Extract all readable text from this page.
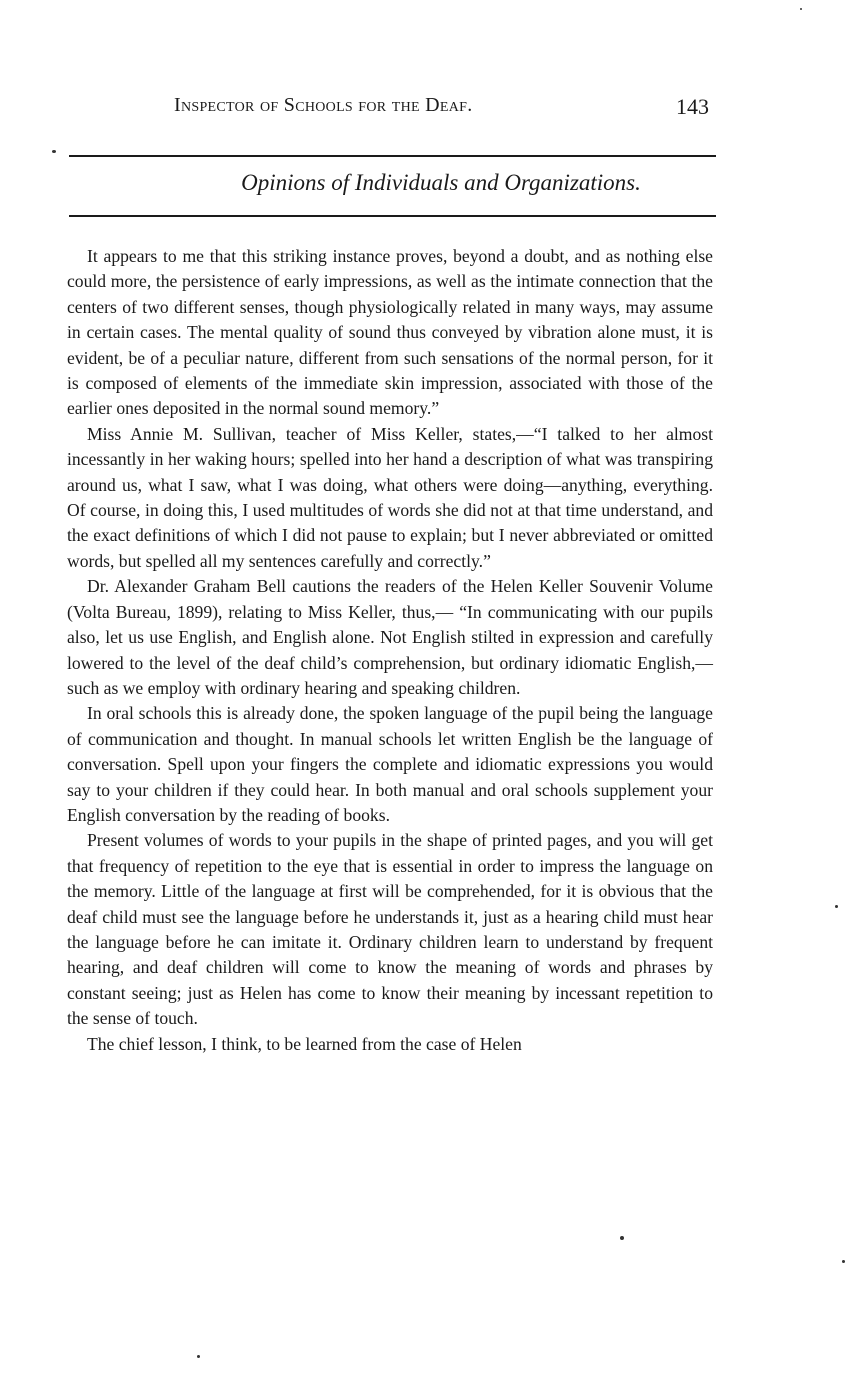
Inspector of Schools for the Deaf.	143
Opinions of Individuals and Organizations.

It appears to me that this striking instance proves, beyond a doubt, and as nothing else could more, the persistence of early impressions, as well as the intimate connection that the centers of two different senses, though physiologically related in many ways, may assume in certain cases. The mental quality of sound thus conveyed by vibration alone must, it is evident, be of a peculiar nature, different from such sensations of the normal person, for it is composed of elements of the immediate skin impression, associated with those of the earlier ones deposited in the normal sound memory.”

Miss Annie M. Sullivan, teacher of Miss Keller, states,—“I talked to her almost incessantly in her waking hours; spelled into her hand a description of what was transpiring around us, what I saw, what I was doing, what others were doing—anything, everything. Of course, in doing this, I used multitudes of words she did not at that time understand, and the exact definitions of which I did not pause to explain; but I never abbreviated or omitted words, but spelled all my sentences carefully and correctly.”

Dr. Alexander Graham Bell cautions the readers of the Helen Keller Souvenir Volume (Volta Bureau, 1899), relating to Miss Keller, thus,— “In communicating with our pupils also, let us use English, and English alone. Not English stilted in expression and carefully lowered to the level of the deaf child’s comprehension, but ordinary idiomatic English,—such as we employ with ordinary hearing and speaking children.

In oral schools this is already done, the spoken language of the pupil being the language of communication and thought. In manual schools let written English be the language of conversation. Spell upon your fingers the complete and idiomatic expressions you would say to your children if they could hear. In both manual and oral schools supplement your English conversation by the reading of books.

Present volumes of words to your pupils in the shape of printed pages, and you will get that frequency of repetition to the eye that is essential in order to impress the language on the memory. Little of the language at first will be comprehended, for it is obvious that the deaf child must see the language before he understands it, just as a hearing child must hear the language before he can imitate it. Ordinary children learn to understand by frequent hearing, and deaf children will come to know the meaning of words and phrases by constant seeing; just as Helen has come to know their meaning by incessant repetition to the sense of touch.

The chief lesson, I think, to be learned from the case of Helen
